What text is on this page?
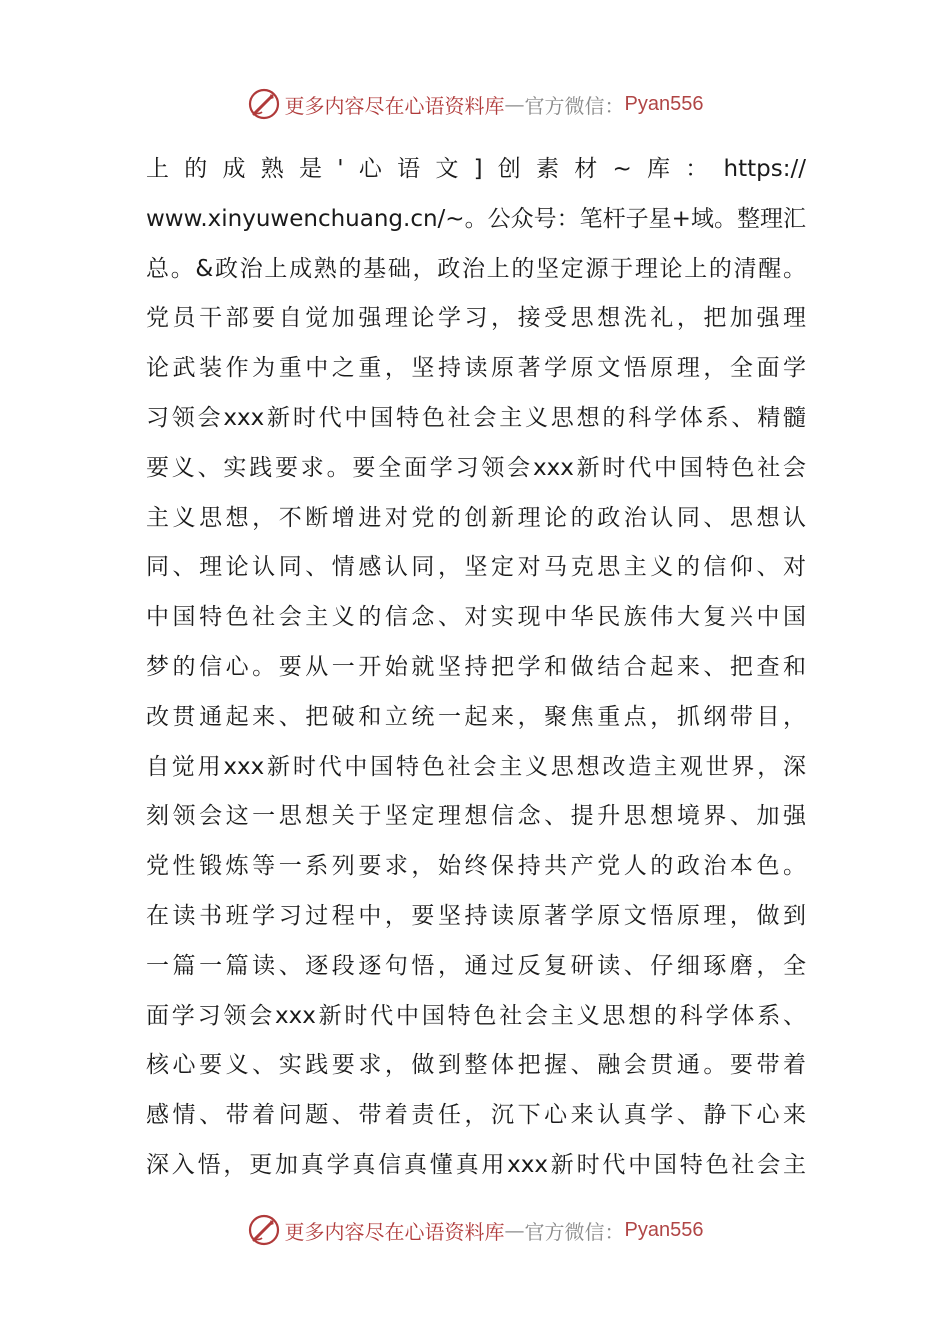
更多内容尽在心语资料库 — 官方微信： Pyan556
上的成熟是'心语文]创素材~库：https://
www.xinyuwenchuang.cn/~。公众号：笔杆子星+域。整理汇
总。&政治上成熟的基础，政治上的坚定源于理论上的清醒。
党员干部要自觉加强理论学习，接受思想洗礼，把加强理
论武装作为重中之重，坚持读原著学原文悟原理，全面学
习领会xxx新时代中国特色社会主义思想的科学体系、精髓
要义、实践要求。要全面学习领会xxx新时代中国特色社会
主义思想，不断增进对党的创新理论的政治认同、思想认
同、理论认同、情感认同，坚定对马克思主义的信仰、对
中国特色社会主义的信念、对实现中华民族伟大复兴中国
梦的信心。要从一开始就坚持把学和做结合起来、把查和
改贯通起来、把破和立统一起来，聚焦重点，抓纲带目，
自觉用xxx新时代中国特色社会主义思想改造主观世界，深
刻领会这一思想关于坚定理想信念、提升思想境界、加强
党性锻炼等一系列要求，始终保持共产党人的政治本色。
在读书班学习过程中，要坚持读原著学原文悟原理，做到
一篇一篇读、逐段逐句悟，通过反复研读、仔细琢磨，全
面学习领会xxx新时代中国特色社会主义思想的科学体系、
核心要义、实践要求，做到整体把握、融会贯通。要带着
感情、带着问题、带着责任，沉下心来认真学、静下心来
深入悟，更加真学真信真懂真用xxx新时代中国特色社会主
更多内容尽在心语资料库 — 官方微信： Pyan556
